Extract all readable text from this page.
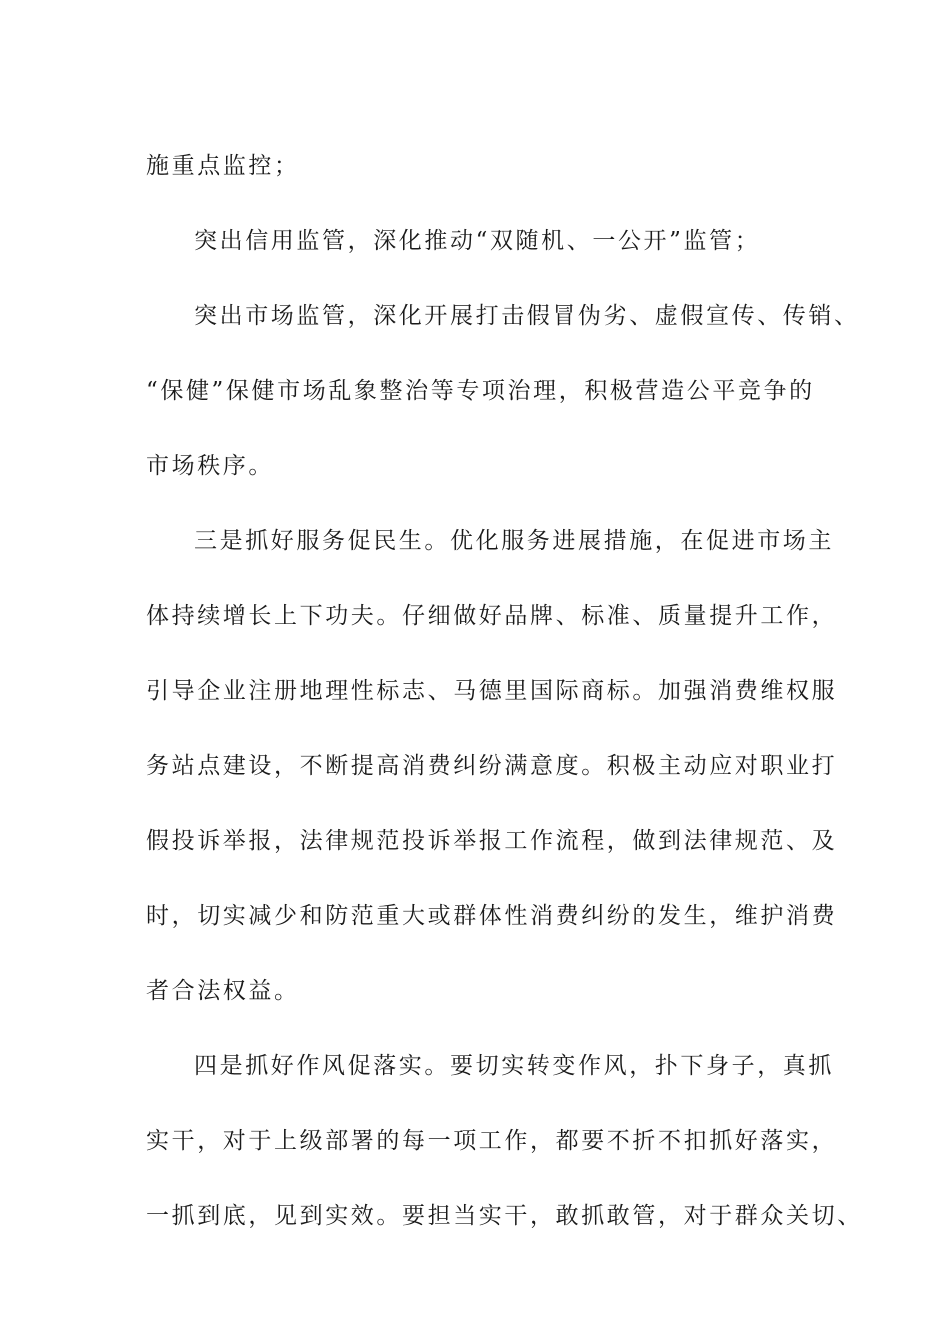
施重点监控；
突出信用监管，深化推动“双随机、一公开”监管；
突出市场监管，深化开展打击假冒伪劣、虚假宣传、传销、
“保健”保健市场乱象整治等专项治理，积极营造公平竞争的
市场秩序。
三是抓好服务促民生。优化服务进展措施，在促进市场主
体持续增长上下功夫。仔细做好品牌、标准、质量提升工作，
引导企业注册地理性标志、马德里国际商标。加强消费维权服
务站点建设，不断提高消费纠纷满意度。积极主动应对职业打
假投诉举报，法律规范投诉举报工作流程，做到法律规范、及
时，切实减少和防范重大或群体性消费纠纷的发生，维护消费
者合法权益。
四是抓好作风促落实。要切实转变作风，扑下身子，真抓
实干，对于上级部署的每一项工作，都要不折不扣抓好落实，
一抓到底，见到实效。要担当实干，敢抓敢管，对于群众关切、
